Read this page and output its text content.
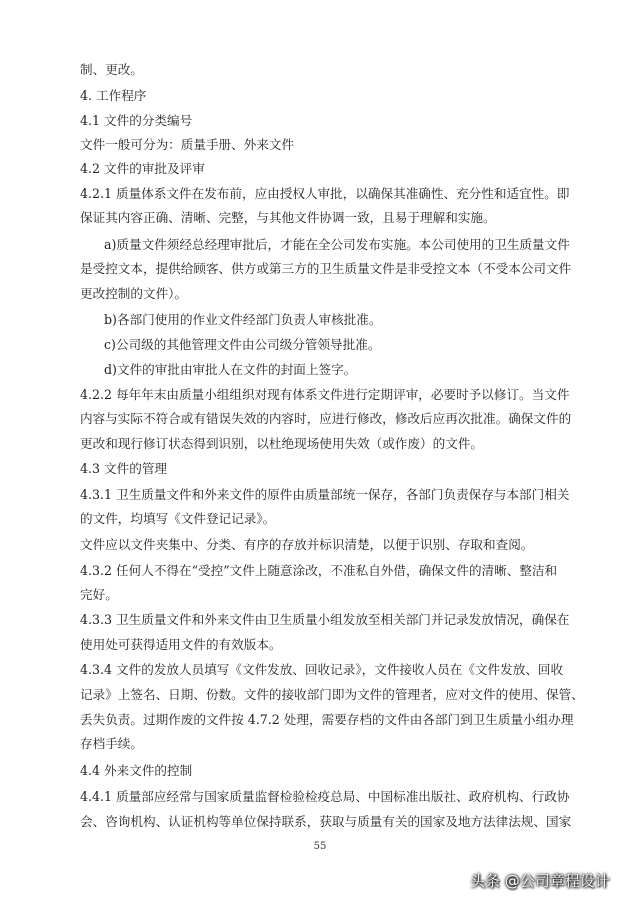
制、更改。
4. 工作程序
4.1 文件的分类编号
文件一般可分为：质量手册、外来文件
4.2 文件的审批及评审
4.2.1 质量体系文件在发布前，应由授权人审批，以确保其准确性、充分性和适宜性。即
保证其内容正确、清晰、完整，与其他文件协调一致，且易于理解和实施。
a)质量文件须经总经理审批后，才能在全公司发布实施。本公司使用的卫生质量文件
是受控文本，提供给顾客、供方或第三方的卫生质量文件是非受控文本（不受本公司文件
更改控制的文件）。
b)各部门使用的作业文件经部门负责人审核批准。
c)公司级的其他管理文件由公司级分管领导批准。
d)文件的审批由审批人在文件的封面上签字。
4.2.2 每年年末由质量小组组织对现有体系文件进行定期评审，必要时予以修订。当文件
内容与实际不符合或有错误失效的内容时，应进行修改，修改后应再次批准。确保文件的
更改和现行修订状态得到识别，以杜绝现场使用失效（或作废）的文件。
4.3 文件的管理
4.3.1 卫生质量文件和外来文件的原件由质量部统一保存，各部门负责保存与本部门相关
的文件，均填写《文件登记记录》。
文件应以文件夹集中、分类、有序的存放并标识清楚，以便于识别、存取和查阅。
4.3.2 任何人不得在“受控”文件上随意涂改，不准私自外借，确保文件的清晰、整洁和
完好。
4.3.3 卫生质量文件和外来文件由卫生质量小组发放至相关部门并记录发放情况，确保在
使用处可获得适用文件的有效版本。
4.3.4 文件的发放人员填写《文件发放、回收记录》，文件接收人员在《文件发放、回收
记录》上签名、日期、份数。文件的接收部门即为文件的管理者，应对文件的使用、保管、
丢失负责。过期作废的文件按 4.7.2 处理，需要存档的文件由各部门到卫生质量小组办理
存档手续。
4.4 外来文件的控制
4.4.1 质量部应经常与国家质量监督检验检疫总局、中国标准出版社、政府机构、行政协
会、咨询机构、认证机构等单位保持联系，获取与质量有关的国家及地方法律法规、国家
55
头条 @公司章程设计
